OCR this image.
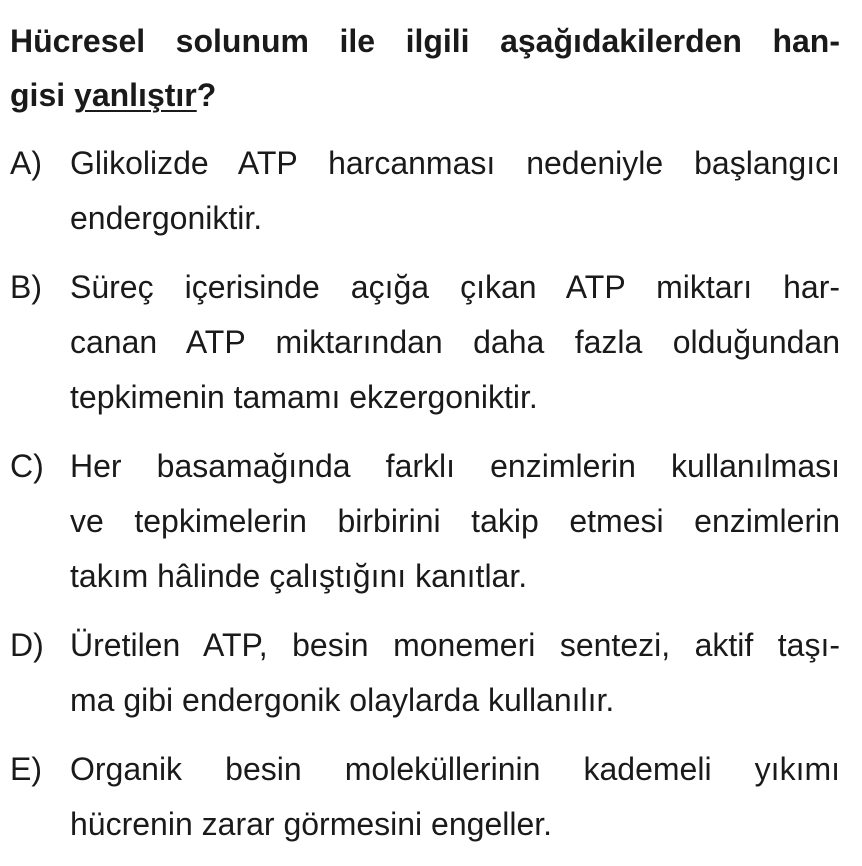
Hücresel solunum ile ilgili aşağıdakilerden han-
gisi yanlıştır?
A) Glikolizde ATP harcanması nedeniyle başlangıcı
endergoniktir.
B) Süreç içerisinde açığa çıkan ATP miktarı har-
canan ATP miktarından daha fazla olduğundan
tepkimenin tamamı ekzergoniktir.
C) Her basamağında farklı enzimlerin kullanılması
ve tepkimelerin birbirini takip etmesi enzimlerin
takım hâlinde çalıştığını kanıtlar.
D) Üretilen ATP, besin monemeri sentezi, aktif taşı-
ma gibi endergonik olaylarda kullanılır.
E) Organik besin moleküllerinin kademeli yıkımı
hücrenin zarar görmesini engeller.
